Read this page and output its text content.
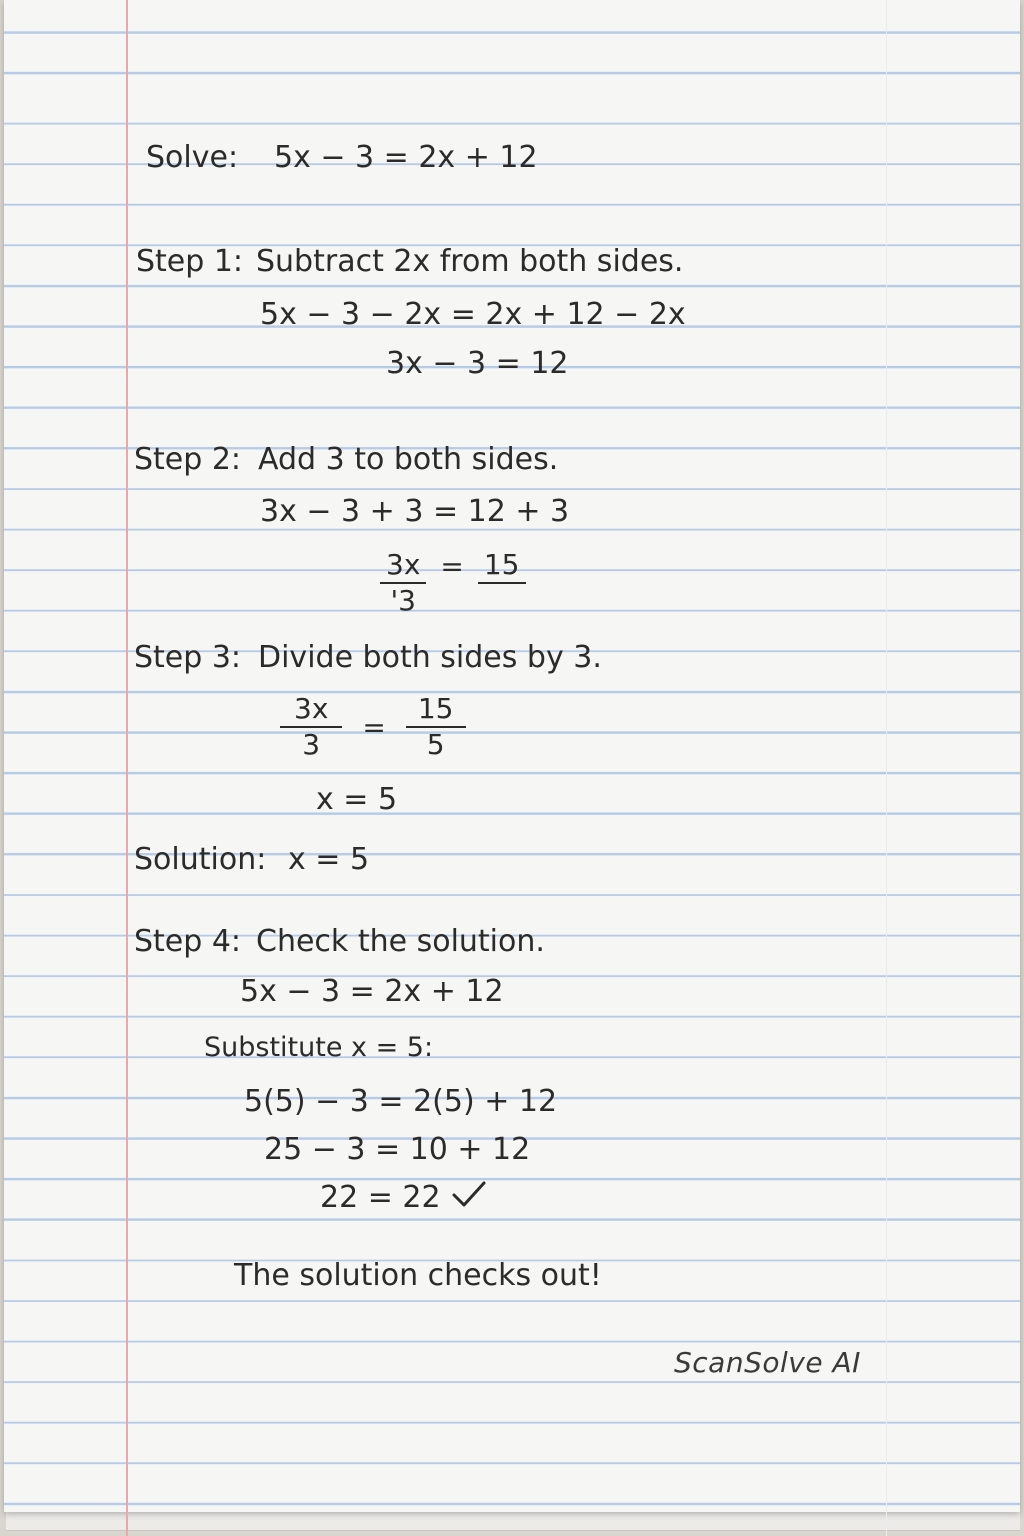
Solve: 5x − 3 = 2x + 12
Step 1: Subtract 2x from both sides.
5x − 3 − 2x = 2x + 12 − 2x
3x − 3 = 12
Step 2: Add 3 to both sides.
3x − 3 + 3 = 12 + 3
$\frac{3x}{'3} = 15$
Step 3: Divide both sides by 3.
$\frac{3x}{3} = \frac{15}{5}$
x = 5
Solution: x = 5
Step 4: Check the solution.
5x − 3 = 2x + 12
Substitute x = 5:
5(5) − 3 = 2(5) + 12
25 − 3 = 10 + 12
22 = 22
The solution checks out!
ScanSolve AI
